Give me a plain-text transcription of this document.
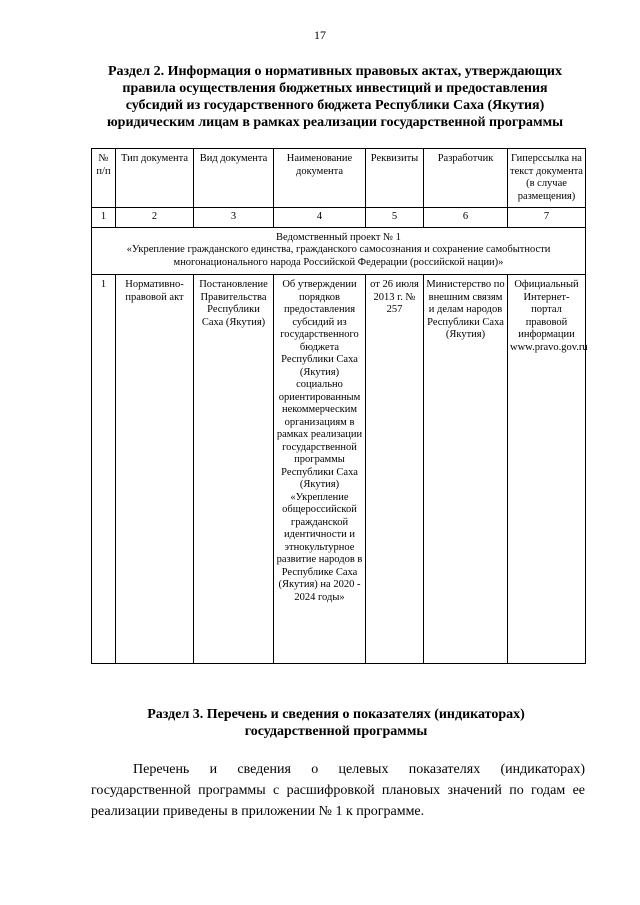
17
Раздел 2. Информация о нормативных правовых актах, утверждающих
правила осуществления бюджетных инвестиций и предоставления
субсидий из государственного бюджета Республики Саха (Якутия)
юридическим лицам в рамках реализации государственной программы
№ п/п	Тип документа	Вид документа	Наименование документа	Реквизиты	Разработчик	Гиперссылка на текст документа (в случае размещения)
1	2	3	4	5	6	7

Ведомственный проект № 1
«Укрепление гражданского единства, гражданского самосознания и сохранение самобытности многонационального народа Российской Федерации (российской нации)»						

1	Нормативно-правовой акт	Постановление Правительства Республики Саха (Якутия)	Об утверждении порядков предоставления субсидий из государственного бюджета Республики Саха (Якутия) социально ориентированным некоммерческим организациям в рамках реализации государственной программы Республики Саха (Якутия) «Укрепление общероссийской гражданской идентичности и этнокультурное развитие народов в Республике Саха (Якутия) на 2020 - 2024 годы»	от 26 июля 2013 г. № 257	Министерство по внешним связям и делам народов Республики Саха (Якутия)	Официальный Интернет-портал правовой информации www.pravo.gov.ru
Раздел 3. Перечень и сведения о показателях (индикаторах)
государственной программы
Перечень и сведения о целевых показателях (индикаторах) государственной программы с расшифровкой плановых значений по годам ее реализации приведены в приложении № 1 к программе.
